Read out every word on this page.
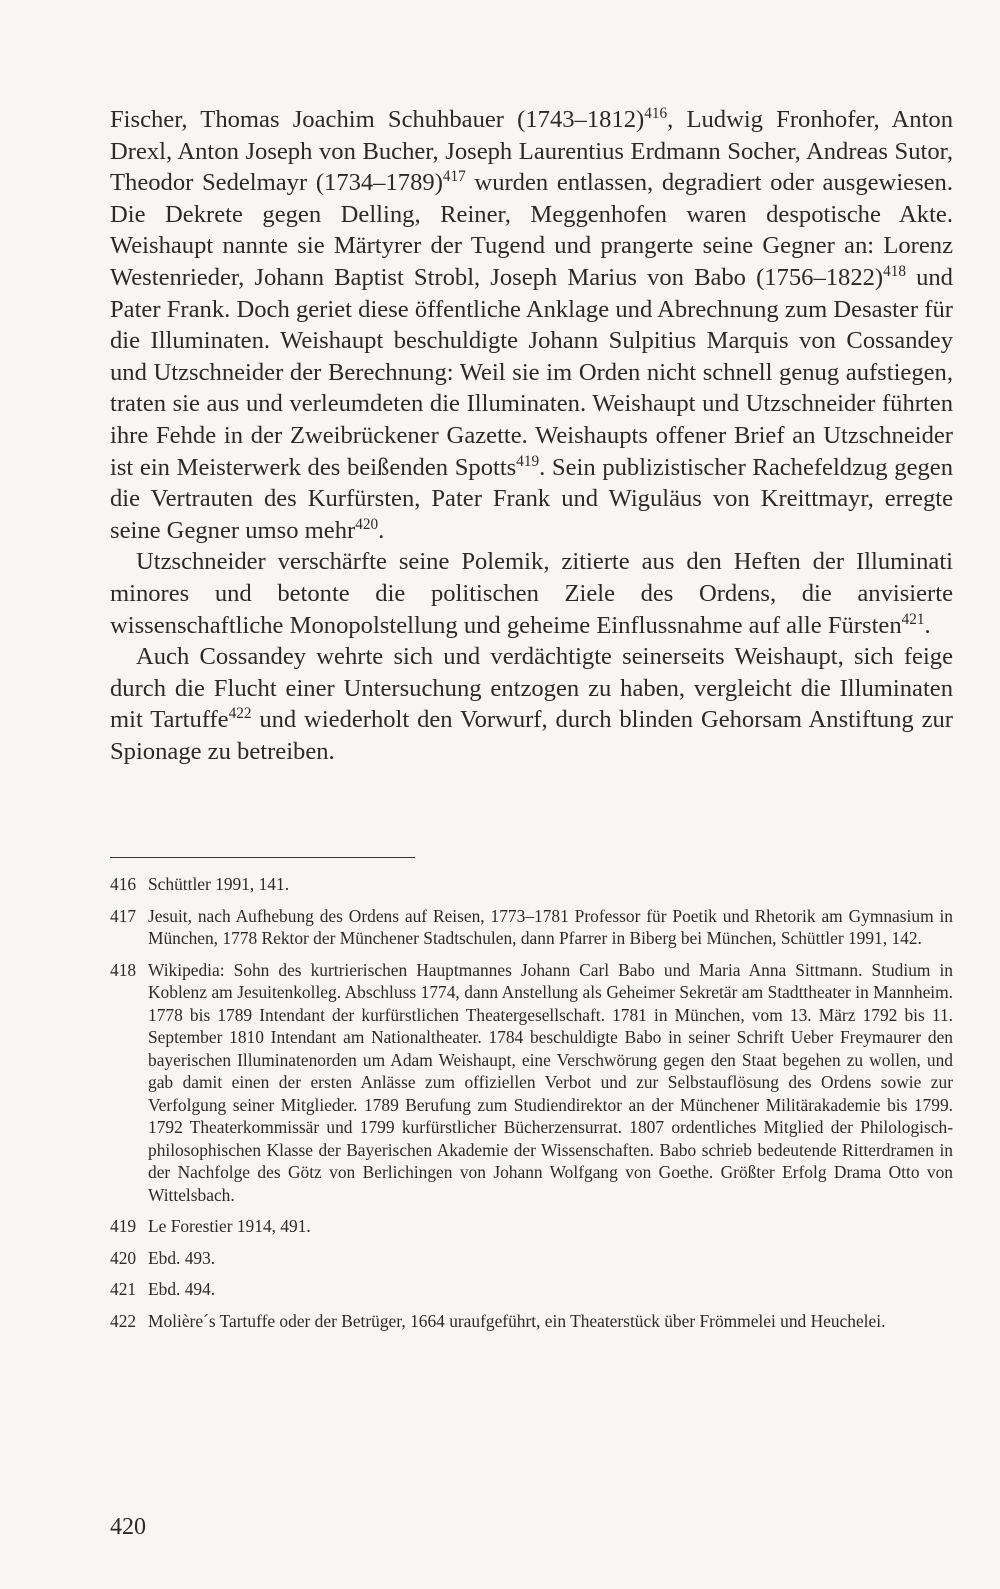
Fischer, Thomas Joachim Schuhbauer (1743–1812)$^{416}$, Ludwig Fronhofer, Anton Drexl, Anton Joseph von Bucher, Joseph Laurentius Erdmann Socher, Andreas Sutor, Theodor Sedelmayr (1734–1789)$^{417}$ wurden entlassen, degradiert oder ausgewiesen. Die Dekrete gegen Delling, Reiner, Meggenhofen waren despotische Akte. Weishaupt nannte sie Märtyrer der Tugend und prangerte seine Gegner an: Lorenz Westenrieder, Johann Baptist Strobl, Joseph Marius von Babo (1756–1822)$^{418}$ und Pater Frank. Doch geriet diese öffentliche Anklage und Abrechnung zum Desaster für die Illuminaten. Weishaupt beschuldigte Johann Sulpitius Marquis von Cossandey und Utzschneider der Berechnung: Weil sie im Orden nicht schnell genug aufstiegen, traten sie aus und verleumdeten die Illuminaten. Weishaupt und Utzschneider führten ihre Fehde in der Zweibrückener Gazette. Weishaupts offener Brief an Utzschneider ist ein Meisterwerk des beißenden Spotts$^{419}$. Sein publizistischer Rachefeldzug gegen die Vertrauten des Kurfürsten, Pater Frank und Wiguläus von Kreittmayr, erregte seine Gegner umso mehr$^{420}$.

Utzschneider verschärfte seine Polemik, zitierte aus den Heften der Illuminati minores und betonte die politischen Ziele des Ordens, die anvisierte wissenschaftliche Monopolstellung und geheime Einflussnahme auf alle Fürsten$^{421}$.

Auch Cossandey wehrte sich und verdächtigte seinerseits Weishaupt, sich feige durch die Flucht einer Untersuchung entzogen zu haben, vergleicht die Illuminaten mit Tartuffe$^{422}$ und wiederholt den Vorwurf, durch blinden Gehorsam Anstiftung zur Spionage zu betreiben.

416 Schüttler 1991, 141.
417 Jesuit, nach Aufhebung des Ordens auf Reisen, 1773–1781 Professor für Poetik und Rhetorik am Gymnasium in München, 1778 Rektor der Münchener Stadtschulen, dann Pfarrer in Biberg bei München, Schüttler 1991, 142.
418 Wikipedia: Sohn des kurtrierischen Hauptmannes Johann Carl Babo und Maria Anna Sittmann. Studium in Koblenz am Jesuitenkolleg. Abschluss 1774, dann Anstellung als Geheimer Sekretär am Stadttheater in Mannheim. 1778 bis 1789 Intendant der kurfürstlichen Theatergesellschaft. 1781 in München, vom 13. März 1792 bis 11. September 1810 Intendant am Nationaltheater. 1784 beschuldigte Babo in seiner Schrift Ueber Freymaurer den bayerischen Illuminatenorden um Adam Weishaupt, eine Verschwörung gegen den Staat begehen zu wollen, und gab damit einen der ersten Anlässe zum offiziellen Verbot und zur Selbstauflösung des Ordens sowie zur Verfolgung seiner Mitglieder. 1789 Berufung zum Studiendirektor an der Münchener Militärakademie bis 1799. 1792 Theaterkommissär und 1799 kurfürstlicher Bücherzensurrat. 1807 ordentliches Mitglied der Philologisch-philosophischen Klasse der Bayerischen Akademie der Wissenschaften. Babo schrieb bedeutende Ritterdramen in der Nachfolge des Götz von Berlichingen von Johann Wolfgang von Goethe. Größter Erfolg Drama Otto von Wittelsbach.
419 Le Forestier 1914, 491.
420 Ebd. 493.
421 Ebd. 494.
422 Molière´s Tartuffe oder der Betrüger, 1664 uraufgeführt, ein Theaterstück über Frömmelei und Heuchelei.
420
